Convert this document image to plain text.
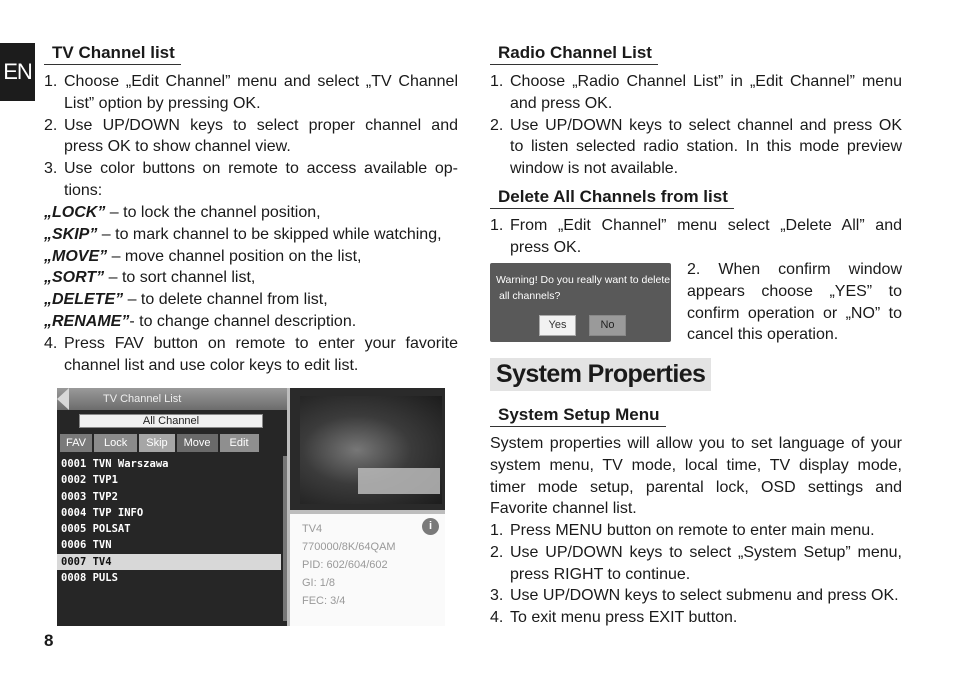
EN
TV Channel list
1. Choose „Edit Channel” menu and select „TV Channel List” option by pressing OK.
2. Use UP/DOWN keys to select proper channel and press OK to show channel view.
3. Use color buttons on remote to access available op-tions:
„LOCK” – to lock the channel position,
„SKIP” – to mark channel to be skipped while watching,
„MOVE” – move channel position on the list,
„SORT” – to sort channel list,
„DELETE” – to delete channel from list,
„RENAME”- to change channel description.
4. Press FAV button on remote to enter your favorite channel list and use color keys to edit list.
TV Channel List
All Channel
FAV	Lock	Skip	Move	Edit
0001 TVN Warszawa
0002 TVP1
0003 TVP2
0004 TVP INFO
0005 POLSAT
0006 TVN
0007 TV4
0008 PULS
i
TV4
770000/8K/64QAM
PID: 602/604/602
GI: 1/8
FEC: 3/4
8
Radio Channel List
1. Choose „Radio Channel List” in „Edit Channel” menu and press OK.
2. Use UP/DOWN keys to select channel and press OK to listen selected radio station. In this mode preview window is not available.
Delete All Channels from list
1. From „Edit Channel” menu select „Delete All” and press OK.
Warning! Do you really want to delete
all channels?
Yes	No
2. When confirm window appears choose „YES” to confirm operation or „NO” to cancel this operation.
System Properties
System Setup Menu
System properties will allow you to set language of your system menu, TV mode, local time, TV display mode, timer mode setup, parental lock, OSD settings and Favorite channel list.
1. Press MENU button on remote to enter main menu.
2. Use UP/DOWN keys to select „System Setup” menu, press RIGHT to continue.
3. Use UP/DOWN keys to select submenu and press OK.
4. To exit menu press EXIT button.
